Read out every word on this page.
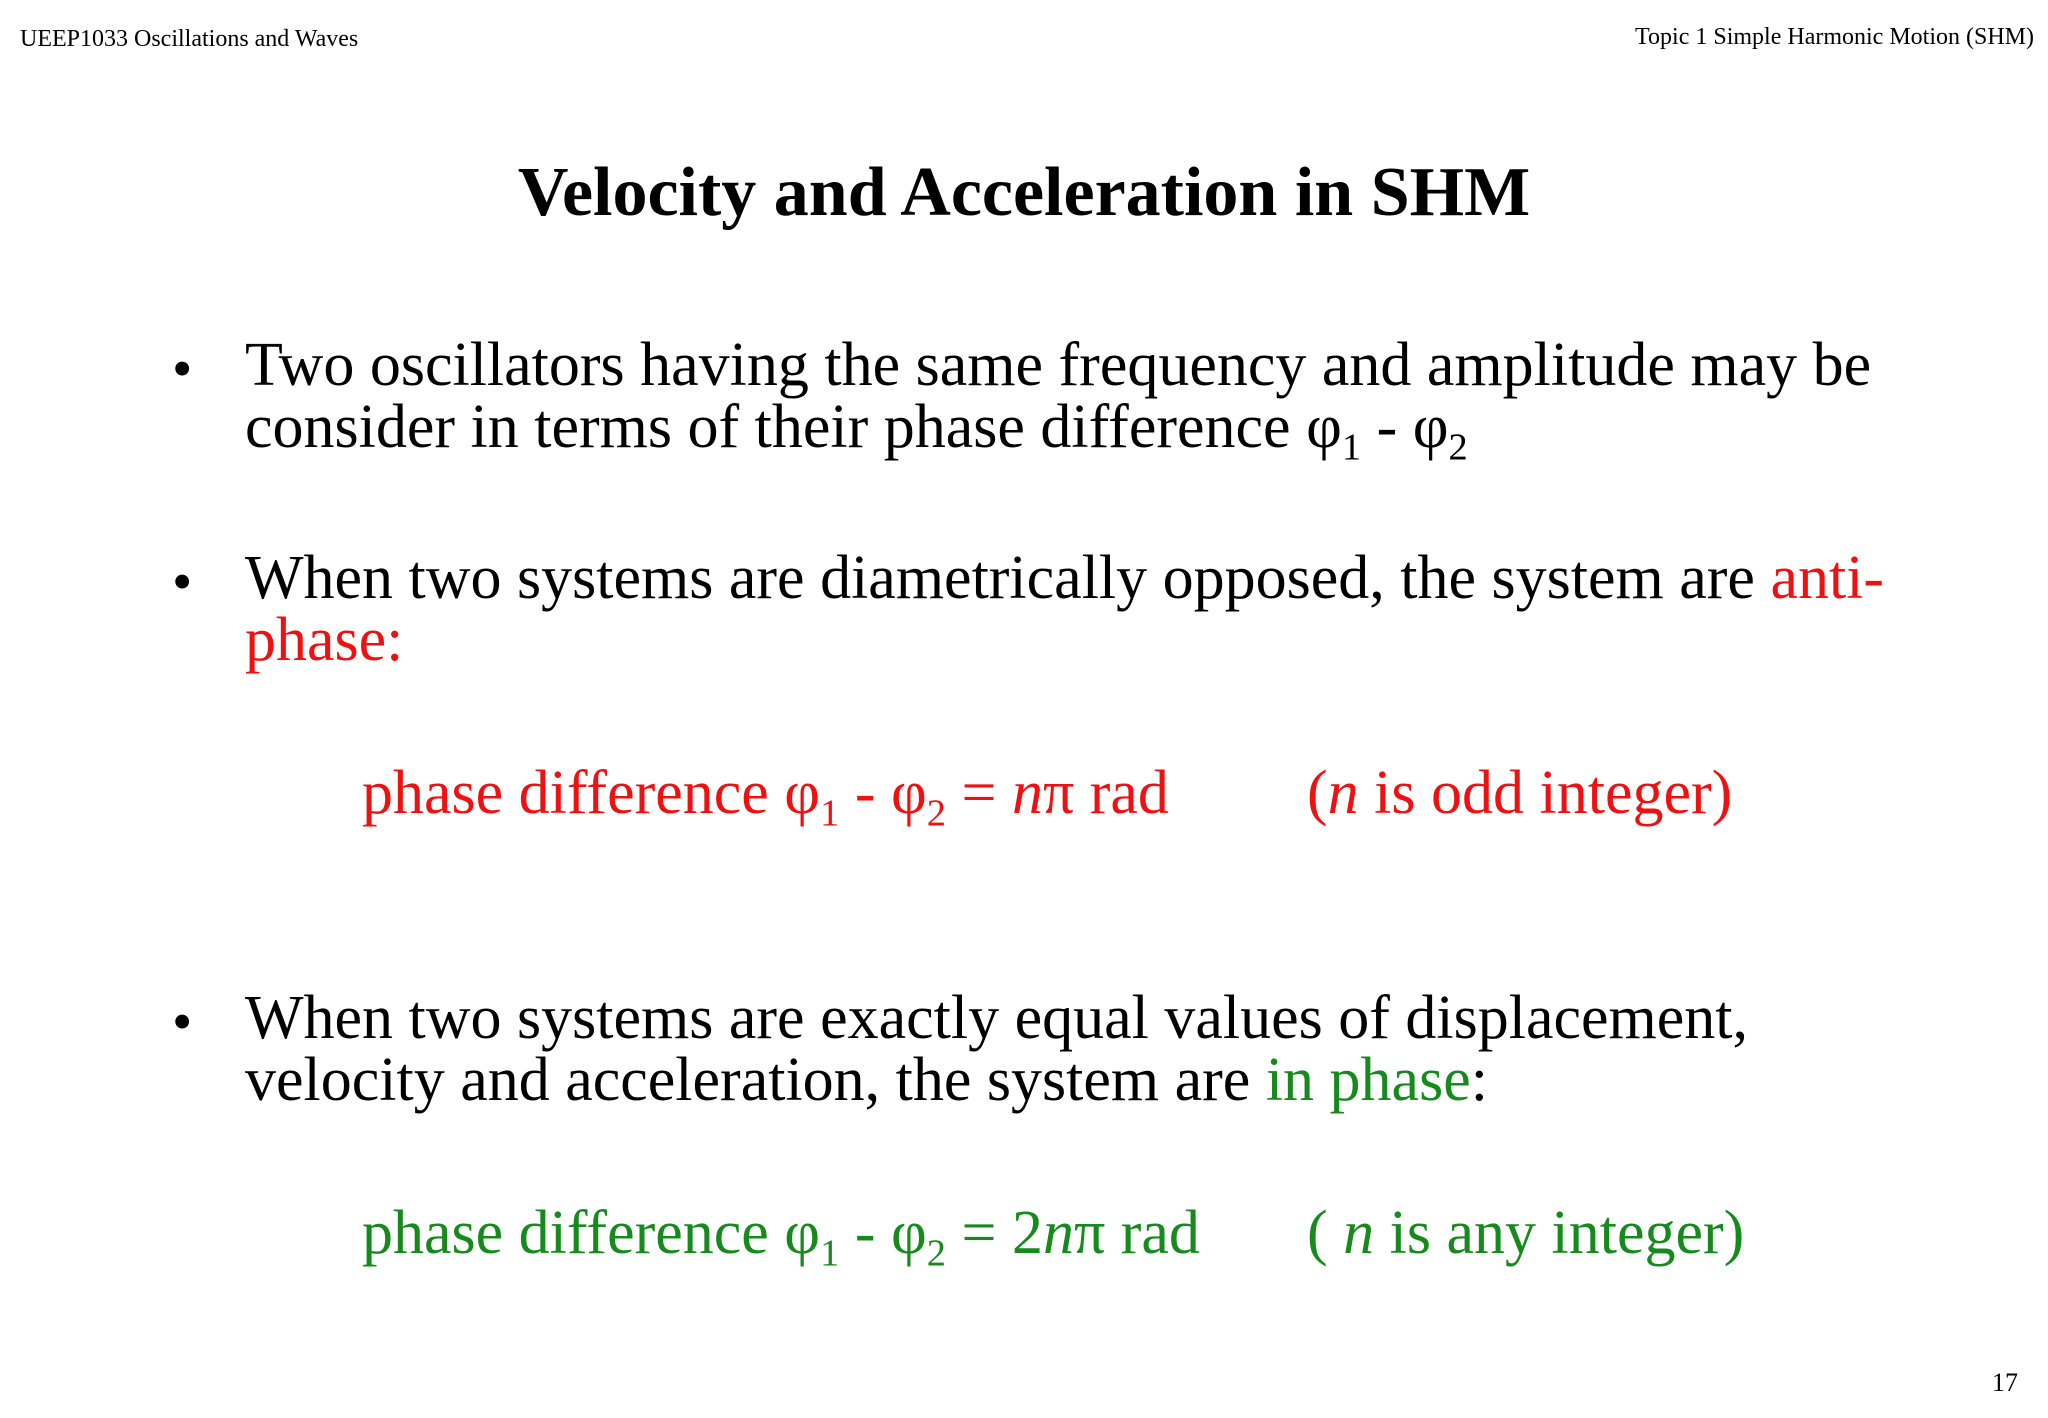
UEEP1033 Oscillations and Waves	Topic 1 Simple Harmonic Motion (SHM)
Velocity and Acceleration in SHM
• Two oscillators having the same frequency and amplitude may be
consider in terms of their phase difference $\varphi_1 - \varphi_2$
• When two systems are diametrically opposed, the system are anti-
phase:
phase difference $\varphi_1 - \varphi_2 = n\pi$ rad (n is odd integer)
• When two systems are exactly equal values of displacement,
velocity and acceleration, the system are in phase:
phase difference $\varphi_1 - \varphi_2 = 2n\pi$ rad ( n is any integer)
17
